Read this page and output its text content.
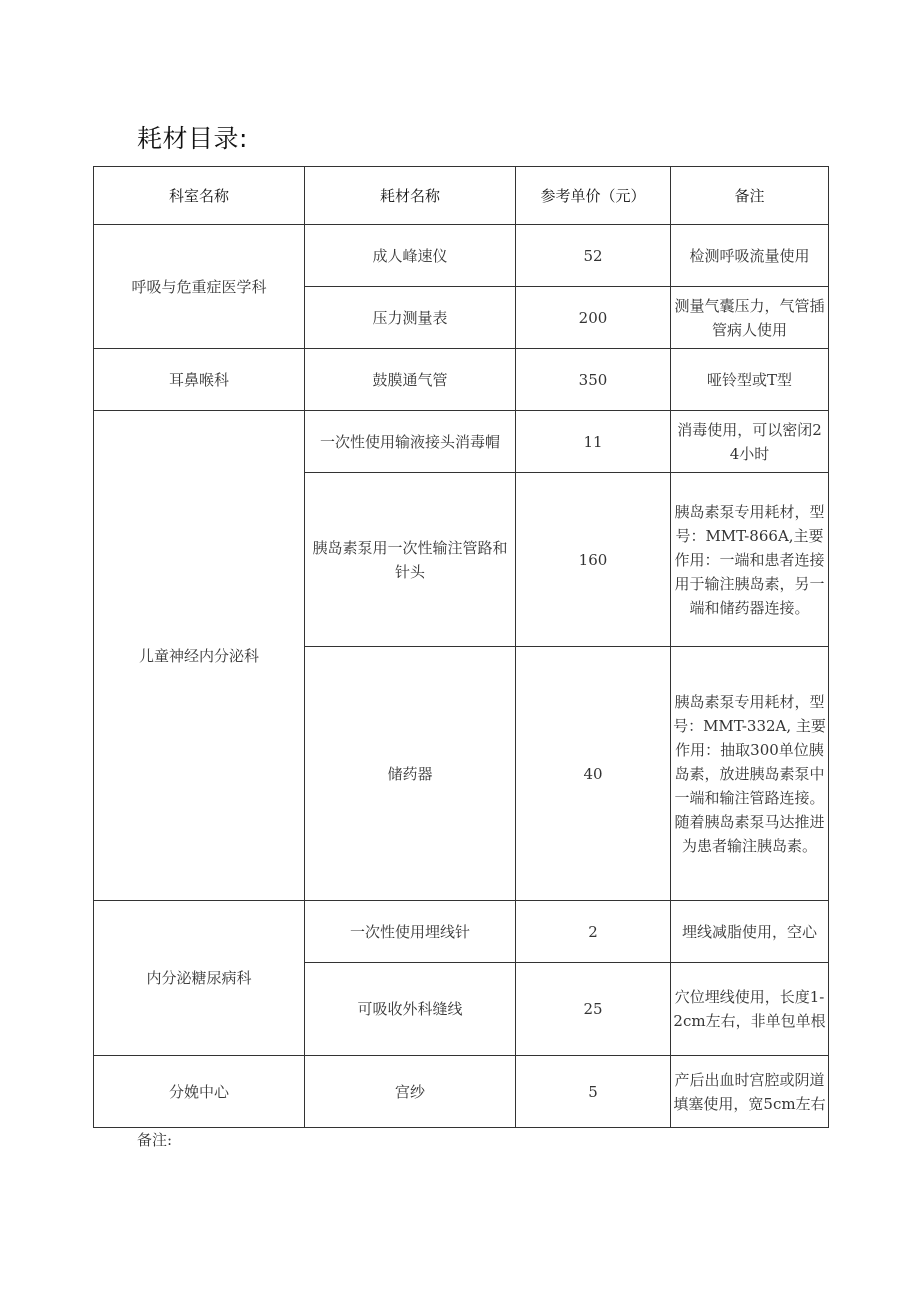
耗材目录:
科室名称	耗材名称	参考单价（元）	备注
呼吸与危重症医学科	成人峰速仪	52	检测呼吸流量使用
	压力测量表	200	测量气囊压力，气管插管病人使用
耳鼻喉科	鼓膜通气管	350	哑铃型或T型
儿童神经内分泌科	一次性使用输液接头消毒帽	11	消毒使用，可以密闭24小时
	胰岛素泵用一次性输注管路和针头	160	胰岛素泵专用耗材，型号：MMT-866A,主要作用：一端和患者连接用于输注胰岛素，另一端和储药器连接。
	储药器	40	胰岛素泵专用耗材，型号：MMT-332A, 主要作用：抽取300单位胰岛素，放进胰岛素泵中一端和输注管路连接。随着胰岛素泵马达推进为患者输注胰岛素。
内分泌糖尿病科	一次性使用埋线针	2	埋线减脂使用，空心
	可吸收外科缝线	25	穴位埋线使用，长度1-2cm左右，非单包单根
分娩中心	宫纱	5	产后出血时宫腔或阴道填塞使用，宽5cm左右
备注:
